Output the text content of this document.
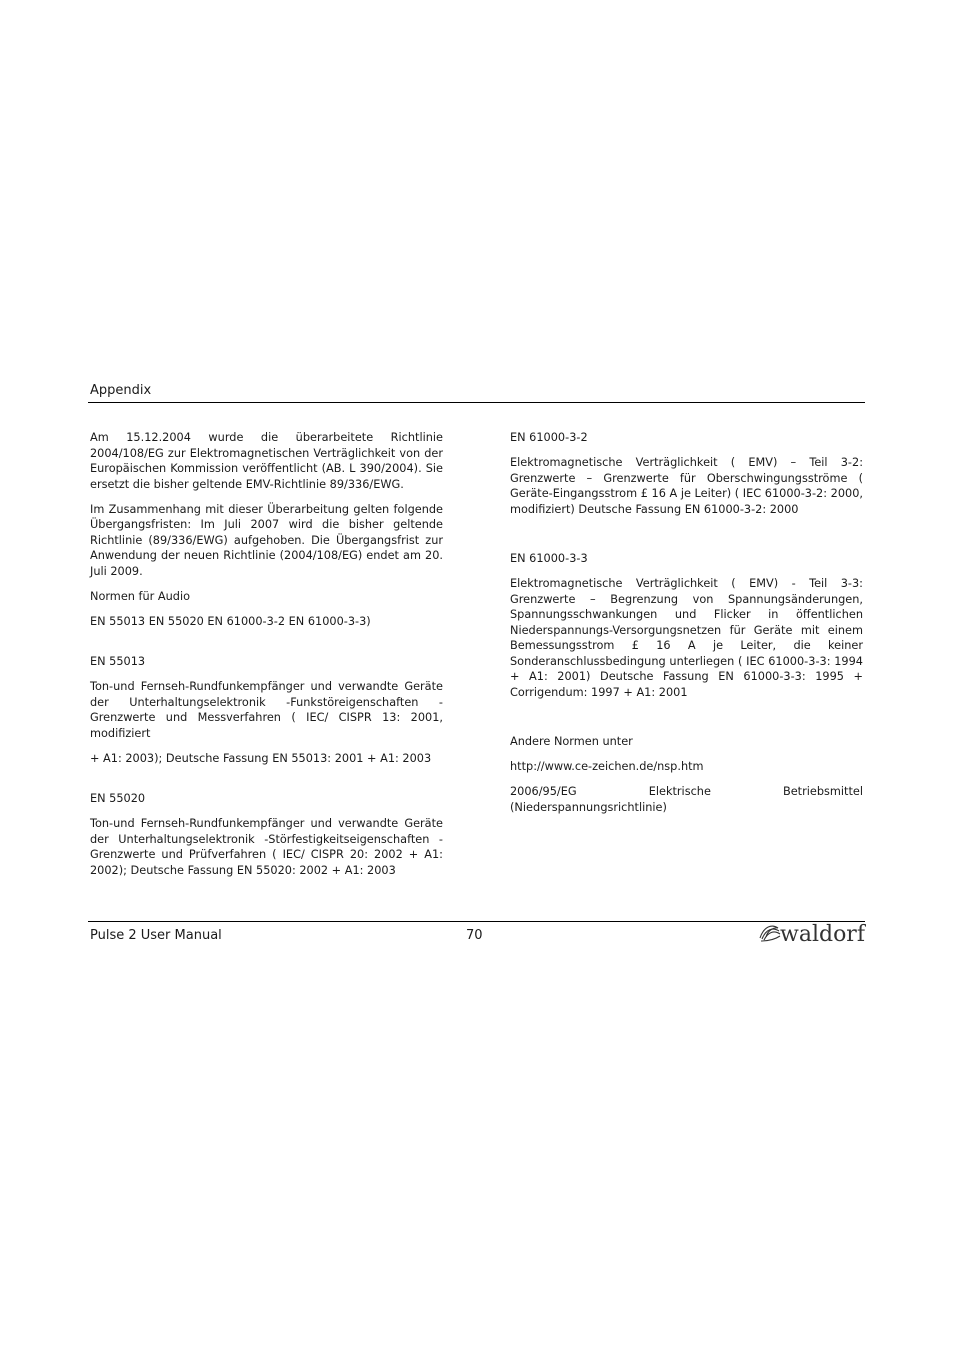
Appendix

Am 15.12.2004 wurde die überarbeitete Richtlinie 2004/108/EG zur Elektromagnetischen Verträglichkeit von der Europäischen Kommission veröffentlicht (AB. L 390/2004). Sie ersetzt die bisher geltende EMV-Richtlinie 89/336/EWG.

Im Zusammenhang mit dieser Überarbeitung gelten folgende Übergangsfristen: Im Juli 2007 wird die bisher geltende Richtlinie (89/336/EWG) aufgehoben. Die Übergangsfrist zur Anwendung der neuen Richtlinie (2004/108/EG) endet am 20. Juli 2009.

Normen für Audio

EN 55013 EN 55020 EN 61000-3-2 EN 61000-3-3)

EN 55013

Ton-und Fernseh-Rundfunkempfänger und verwandte Geräte der Unterhaltungselektronik -Funkstöreigenschaften - Grenzwerte und Messverfahren ( IEC/ CISPR 13: 2001, modifiziert

+ A1: 2003); Deutsche Fassung EN 55013: 2001 + A1: 2003

EN 55020

Ton-und Fernseh-Rundfunkempfänger und verwandte Geräte der Unterhaltungselektronik -Störfestigkeitseigenschaften - Grenzwerte und Prüfverfahren ( IEC/ CISPR 20: 2002 + A1: 2002); Deutsche Fassung EN 55020: 2002 + A1: 2003

EN 61000-3-2

Elektromagnetische Verträglichkeit ( EMV) – Teil 3-2: Grenzwerte – Grenzwerte für Oberschwingungsströme ( Geräte-Eingangsstrom £ 16 A je Leiter) ( IEC 61000-3-2: 2000, modifiziert) Deutsche Fassung EN 61000-3-2: 2000

EN 61000-3-3

Elektromagnetische Verträglichkeit ( EMV) - Teil 3-3: Grenzwerte – Begrenzung von Spannungsänderungen, Spannungsschwankungen und Flicker in öffentlichen Niederspannungs-Versorgungsnetzen für Geräte mit einem Bemessungsstrom £ 16 A je Leiter, die keiner Sonderanschlussbedingung unterliegen ( IEC 61000-3-3: 1994 + A1: 2001) Deutsche Fassung EN 61000-3-3: 1995 + Corrigendum: 1997 + A1: 2001

Andere Normen unter

http://www.ce-zeichen.de/nsp.htm

2006/95/EG Elektrische Betriebsmittel (Niederspannungsrichtlinie)

Pulse 2 User Manual	70	waldorf
